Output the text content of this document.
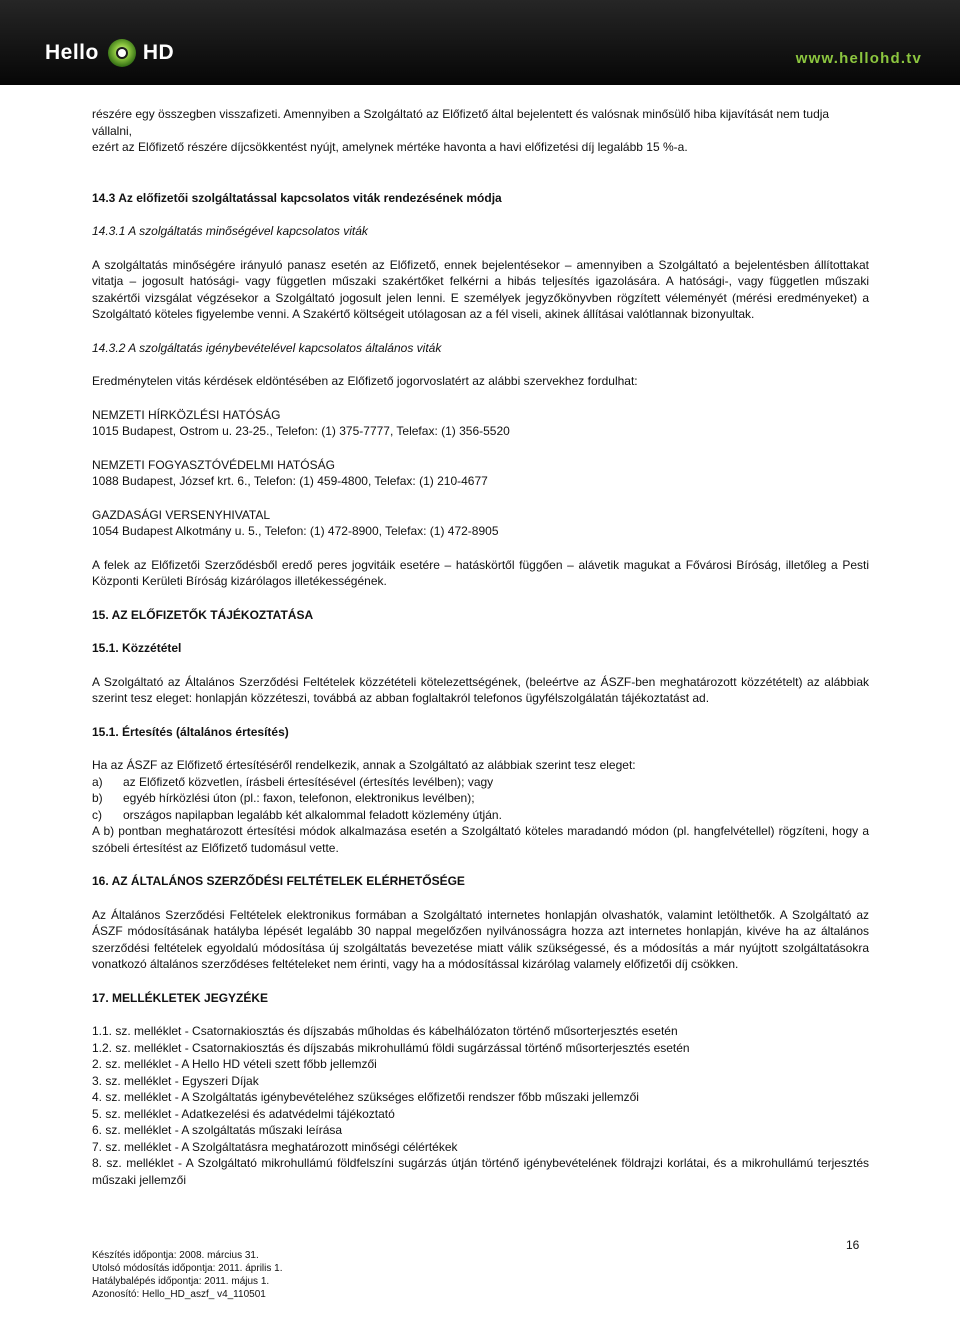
Hello HD	www.hellohd.tv

részére egy összegben visszafizeti. Amennyiben a Szolgáltató az Előfizető által bejelentett és valósnak minősülő hiba kijavítását nem tudja vállalni,

ezért az Előfizető részére díjcsökkentést nyújt, amelynek mértéke havonta a havi előfizetési díj legalább 15 %-a.

14.3 Az előfizetői szolgáltatással kapcsolatos viták rendezésének módja

14.3.1 A szolgáltatás minőségével kapcsolatos viták

A szolgáltatás minőségére irányuló panasz esetén az Előfizető, ennek bejelentésekor – amennyiben a Szolgáltató a bejelentésben állítottakat vitatja – jogosult hatósági- vagy független műszaki szakértőket felkérni a hibás teljesítés igazolására. A hatósági-, vagy független műszaki szakértői vizsgálat végzésekor a Szolgáltató jogosult jelen lenni. E személyek jegyzőkönyvben rögzített véleményét (mérési eredményeket) a Szolgáltató köteles figyelembe venni. A Szakértő költségeit utólagosan az a fél viseli, akinek állításai valótlannak bizonyultak.

14.3.2 A szolgáltatás igénybevételével kapcsolatos általános viták

Eredménytelen vitás kérdések eldöntésében az Előfizető jogorvoslatért az alábbi szervekhez fordulhat:

NEMZETI HÍRKÖZLÉSI HATÓSÁG

1015 Budapest, Ostrom u. 23-25., Telefon: (1) 375-7777, Telefax: (1) 356-5520

NEMZETI FOGYASZTÓVÉDELMI HATÓSÁG

1088 Budapest, József krt. 6., Telefon: (1) 459-4800, Telefax: (1) 210-4677

GAZDASÁGI VERSENYHIVATAL

1054 Budapest Alkotmány u. 5., Telefon: (1) 472-8900, Telefax: (1) 472-8905

A felek az Előfizetői Szerződésből eredő peres jogvitáik esetére – hatáskörtől függően – alávetik magukat a Fővárosi Bíróság, illetőleg a Pesti Központi Kerületi Bíróság kizárólagos illetékességének.

15. AZ ELŐFIZETŐK TÁJÉKOZTATÁSA

15.1. Közzététel

A Szolgáltató az Általános Szerződési Feltételek közzétételi kötelezettségének, (beleértve az ÁSZF-ben meghatározott közzétételt) az alábbiak szerint tesz eleget: honlapján közzéteszi, továbbá az abban foglaltakról telefonos ügyfélszolgálatán tájékoztatást ad.

15.1. Értesítés (általános értesítés)

Ha az ÁSZF az Előfizető értesítéséről rendelkezik, annak a Szolgáltató az alábbiak szerint tesz eleget:

a)	az Előfizető közvetlen, írásbeli értesítésével (értesítés levélben); vagy
b)	egyéb hírközlési úton (pl.: faxon, telefonon, elektronikus levélben);
c)	országos napilapban legalább két alkalommal feladott közlemény útján.

A b) pontban meghatározott értesítési módok alkalmazása esetén a Szolgáltató köteles maradandó módon (pl. hangfelvétellel) rögzíteni, hogy a szóbeli értesítést az Előfizető tudomásul vette.

16. AZ ÁLTALÁNOS SZERZŐDÉSI FELTÉTELEK ELÉRHETŐSÉGE

Az Általános Szerződési Feltételek elektronikus formában a Szolgáltató internetes honlapján olvashatók, valamint letölthetők. A Szolgáltató az ÁSZF módosításának hatályba lépését legalább 30 nappal megelőzően nyilvánosságra hozza azt internetes honlapján, kivéve ha az általános szerződési feltételek egyoldalú módosítása új szolgáltatás bevezetése miatt válik szükségessé, és a módosítás a már nyújtott szolgáltatásokra vonatkozó általános szerződéses feltételeket nem érinti, vagy ha a módosítással kizárólag valamely előfizetői díj csökken.

17. MELLÉKLETEK JEGYZÉKE

1.1. sz. melléklet - Csatornakiosztás és díjszabás műholdas és kábelhálózaton történő műsorterjesztés esetén

1.2. sz. melléklet - Csatornakiosztás és díjszabás mikrohullámú földi sugárzással történő műsorterjesztés esetén

2. sz. melléklet - A Hello HD vételi szett főbb jellemzői

3. sz. melléklet - Egyszeri Díjak

4. sz. melléklet - A Szolgáltatás igénybevételéhez szükséges előfizetői rendszer főbb műszaki jellemzői

5. sz. melléklet - Adatkezelési és adatvédelmi tájékoztató

6. sz. melléklet - A szolgáltatás műszaki leírása

7. sz. melléklet - A Szolgáltatásra meghatározott minőségi célértékek

8. sz. melléklet - A Szolgáltató mikrohullámú földfelszíni sugárzás útján történő igénybevételének földrajzi korlátai, és a mikrohullámú terjesztés műszaki jellemzői

16
Készítés időpontja: 2008. március 31.
Utolsó módosítás időpontja: 2011. április 1.
Hatálybalépés időpontja: 2011. május 1.
Azonosító: Hello_HD_aszf_ v4_110501
